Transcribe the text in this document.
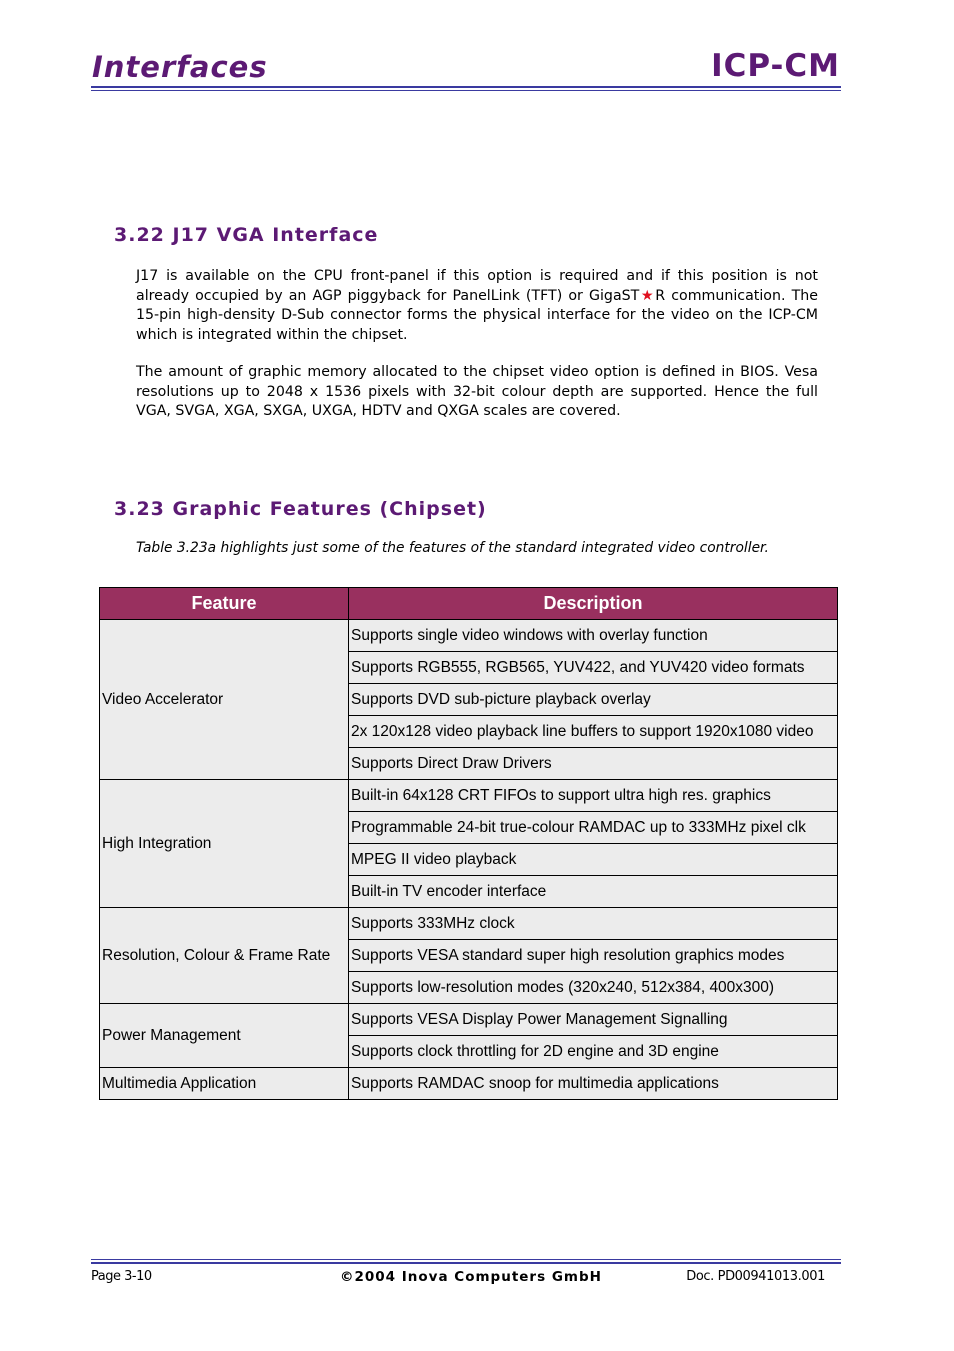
Interfaces	ICP-CM
3.22 J17 VGA Interface
J17 is available on the CPU front-panel if this option is required and if this position is not already occupied by an AGP piggyback for PanelLink (TFT) or GigaST★R communication. The 15-pin high-density D-Sub connector forms the physical interface for the video on the ICP-CM which is integrated within the chipset.
The amount of graphic memory allocated to the chipset video option is defined in BIOS. Vesa resolutions up to 2048 x 1536 pixels with 32-bit colour depth are supported. Hence the full VGA, SVGA, XGA, SXGA, UXGA, HDTV and QXGA scales are covered.
3.23 Graphic Features (Chipset)
Table 3.23a highlights just some of the features of the standard integrated video controller.
Feature	Description
Video Accelerator	Supports single video windows with overlay function
	Supports RGB555, RGB565, YUV422, and YUV420 video formats
	Supports DVD sub-picture playback overlay
	2x 120x128 video playback line buffers to support 1920x1080 video
	Supports Direct Draw Drivers
High Integration	Built-in 64x128 CRT FIFOs to support ultra high res. graphics
	Programmable 24-bit true-colour RAMDAC up to 333MHz pixel clk
	MPEG II video playback
	Built-in TV encoder interface
Resolution, Colour & Frame Rate	Supports 333MHz clock
	Supports VESA standard super high resolution graphics modes
	Supports low-resolution modes (320x240, 512x384, 400x300)
Power Management	Supports VESA Display Power Management Signalling
	Supports clock throttling for 2D engine and 3D engine
Multimedia Application	Supports RAMDAC snoop for multimedia applications
Page 3-10	©2004 Inova Computers GmbH	Doc. PD00941013.001
